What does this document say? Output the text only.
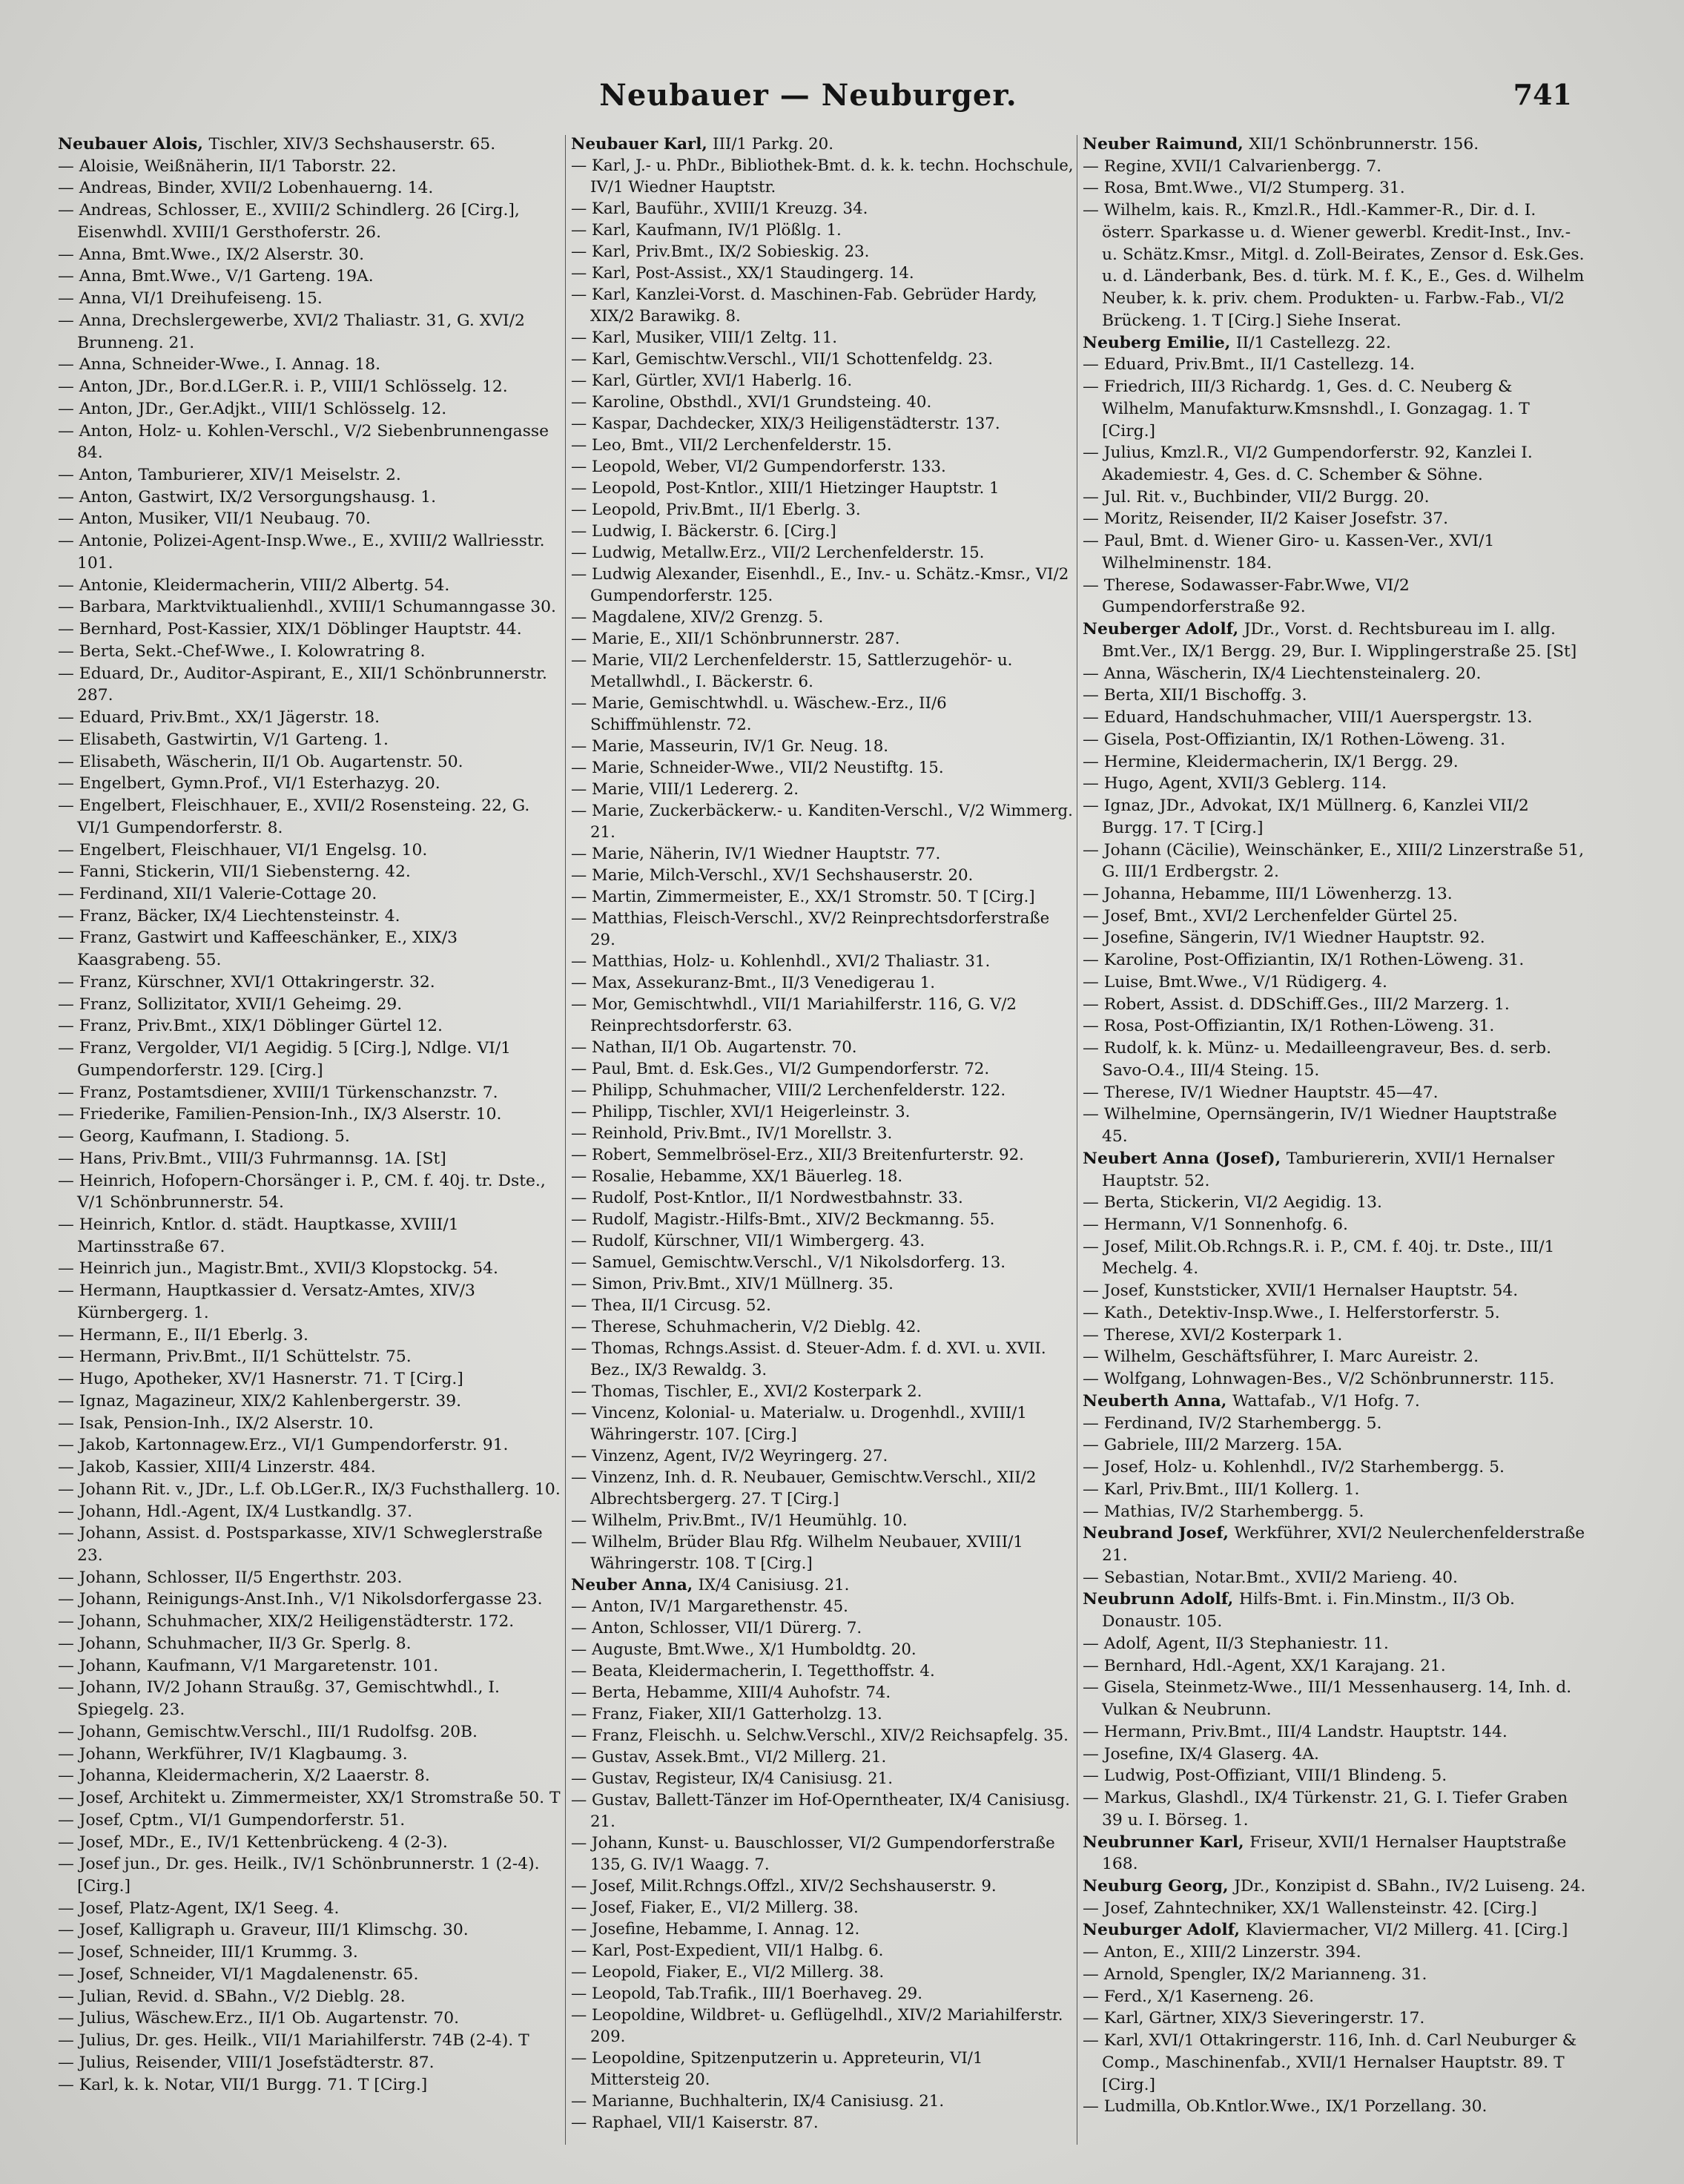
Neubauer — Neuburger.	741

Neubauer Alois, Tischler, XIV/3 Sechshauserstr. 65.

— Aloisie, Weißnäherin, II/1 Taborstr. 22.

— Andreas, Binder, XVII/2 Lobenhauerng. 14.

— Andreas, Schlosser, E., XVIII/2 Schindlerg. 26 [Cirg.], Eisenwhdl. XVIII/1 Gersthoferstr. 26.

— Anna, Bmt.Wwe., IX/2 Alserstr. 30.

— Anna, Bmt.Wwe., V/1 Garteng. 19A.

— Anna, VI/1 Dreihufeiseng. 15.

— Anna, Drechslergewerbe, XVI/2 Thaliastr. 31, G. XVI/2 Brunneng. 21.

— Anna, Schneider-Wwe., I. Annag. 18.

— Anton, JDr., Bor.d.LGer.R. i. P., VIII/1 Schlösselg. 12.

— Anton, JDr., Ger.Adjkt., VIII/1 Schlösselg. 12.

— Anton, Holz- u. Kohlen-Verschl., V/2 Siebenbrunnengasse 84.

— Anton, Tamburierer, XIV/1 Meiselstr. 2.

— Anton, Gastwirt, IX/2 Versorgungshausg. 1.

— Anton, Musiker, VII/1 Neubaug. 70.

— Antonie, Polizei-Agent-Insp.Wwe., E., XVIII/2 Wallriesstr. 101.

— Antonie, Kleidermacherin, VIII/2 Albertg. 54.

— Barbara, Marktviktualienhdl., XVIII/1 Schumanngasse 30.

— Bernhard, Post-Kassier, XIX/1 Döblinger Hauptstr. 44.

— Berta, Sekt.-Chef-Wwe., I. Kolowratring 8.

— Eduard, Dr., Auditor-Aspirant, E., XII/1 Schönbrunnerstr. 287.

— Eduard, Priv.Bmt., XX/1 Jägerstr. 18.

— Elisabeth, Gastwirtin, V/1 Garteng. 1.

— Elisabeth, Wäscherin, II/1 Ob. Augartenstr. 50.

— Engelbert, Gymn.Prof., VI/1 Esterhazyg. 20.

— Engelbert, Fleischhauer, E., XVII/2 Rosensteing. 22, G. VI/1 Gumpendorferstr. 8.

— Engelbert, Fleischhauer, VI/1 Engelsg. 10.

— Fanni, Stickerin, VII/1 Siebensterng. 42.

— Ferdinand, XII/1 Valerie-Cottage 20.

— Franz, Bäcker, IX/4 Liechtensteinstr. 4.

— Franz, Gastwirt und Kaffeeschänker, E., XIX/3 Kaasgrabeng. 55.

— Franz, Kürschner, XVI/1 Ottakringerstr. 32.

— Franz, Sollizitator, XVII/1 Geheimg. 29.

— Franz, Priv.Bmt., XIX/1 Döblinger Gürtel 12.

— Franz, Vergolder, VI/1 Aegidig. 5 [Cirg.], Ndlge. VI/1 Gumpendorferstr. 129. [Cirg.]

— Franz, Postamtsdiener, XVIII/1 Türkenschanzstr. 7.

— Friederike, Familien-Pension-Inh., IX/3 Alserstr. 10.

— Georg, Kaufmann, I. Stadiong. 5.

— Hans, Priv.Bmt., VIII/3 Fuhrmannsg. 1A. [St]

— Heinrich, Hofopern-Chorsänger i. P., CM. f. 40j. tr. Dste., V/1 Schönbrunnerstr. 54.

— Heinrich, Kntlor. d. städt. Hauptkasse, XVIII/1 Martinsstraße 67.

— Heinrich jun., Magistr.Bmt., XVII/3 Klopstockg. 54.

— Hermann, Hauptkassier d. Versatz-Amtes, XIV/3 Kürnbergerg. 1.

— Hermann, E., II/1 Eberlg. 3.

— Hermann, Priv.Bmt., II/1 Schüttelstr. 75.

— Hugo, Apotheker, XV/1 Hasnerstr. 71. T [Cirg.]

— Ignaz, Magazineur, XIX/2 Kahlenbergerstr. 39.

— Isak, Pension-Inh., IX/2 Alserstr. 10.

— Jakob, Kartonnagew.Erz., VI/1 Gumpendorferstr. 91.

— Jakob, Kassier, XIII/4 Linzerstr. 484.

— Johann Rit. v., JDr., L.f. Ob.LGer.R., IX/3 Fuchsthallerg. 10.

— Johann, Hdl.-Agent, IX/4 Lustkandlg. 37.

— Johann, Assist. d. Postsparkasse, XIV/1 Schweglerstraße 23.

— Johann, Schlosser, II/5 Engerthstr. 203.

— Johann, Reinigungs-Anst.Inh., V/1 Nikolsdorfergasse 23.

— Johann, Schuhmacher, XIX/2 Heiligenstädterstr. 172.

— Johann, Schuhmacher, II/3 Gr. Sperlg. 8.

— Johann, Kaufmann, V/1 Margaretenstr. 101.

— Johann, IV/2 Johann Straußg. 37, Gemischtwhdl., I. Spiegelg. 23.

— Johann, Gemischtw.Verschl., III/1 Rudolfsg. 20B.

— Johann, Werkführer, IV/1 Klagbaumg. 3.

— Johanna, Kleidermacherin, X/2 Laaerstr. 8.

— Josef, Architekt u. Zimmermeister, XX/1 Stromstraße 50. T

— Josef, Cptm., VI/1 Gumpendorferstr. 51.

— Josef, MDr., E., IV/1 Kettenbrückeng. 4 (2-3).

— Josef jun., Dr. ges. Heilk., IV/1 Schönbrunnerstr. 1 (2-4). [Cirg.]

— Josef, Platz-Agent, IX/1 Seeg. 4.

— Josef, Kalligraph u. Graveur, III/1 Klimschg. 30.

— Josef, Schneider, III/1 Krummg. 3.

— Josef, Schneider, VI/1 Magdalenenstr. 65.

— Julian, Revid. d. SBahn., V/2 Dieblg. 28.

— Julius, Wäschew.Erz., II/1 Ob. Augartenstr. 70.

— Julius, Dr. ges. Heilk., VII/1 Mariahilferstr. 74B (2-4). T

— Julius, Reisender, VIII/1 Josefstädterstr. 87.

— Karl, k. k. Notar, VII/1 Burgg. 71. T [Cirg.]

Neubauer Karl, III/1 Parkg. 20.

— Karl, J.- u. PhDr., Bibliothek-Bmt. d. k. k. techn. Hochschule, IV/1 Wiedner Hauptstr.

— Karl, Bauführ., XVIII/1 Kreuzg. 34.

— Karl, Kaufmann, IV/1 Plößlg. 1.

— Karl, Priv.Bmt., IX/2 Sobieskig. 23.

— Karl, Post-Assist., XX/1 Staudingerg. 14.

— Karl, Kanzlei-Vorst. d. Maschinen-Fab. Gebrüder Hardy, XIX/2 Barawikg. 8.

— Karl, Musiker, VIII/1 Zeltg. 11.

— Karl, Gemischtw.Verschl., VII/1 Schottenfeldg. 23.

— Karl, Gürtler, XVI/1 Haberlg. 16.

— Karoline, Obsthdl., XVI/1 Grundsteing. 40.

— Kaspar, Dachdecker, XIX/3 Heiligenstädterstr. 137.

— Leo, Bmt., VII/2 Lerchenfelderstr. 15.

— Leopold, Weber, VI/2 Gumpendorferstr. 133.

— Leopold, Post-Kntlor., XIII/1 Hietzinger Hauptstr. 1

— Leopold, Priv.Bmt., II/1 Eberlg. 3.

— Ludwig, I. Bäckerstr. 6. [Cirg.]

— Ludwig, Metallw.Erz., VII/2 Lerchenfelderstr. 15.

— Ludwig Alexander, Eisenhdl., E., Inv.- u. Schätz.-Kmsr., VI/2 Gumpendorferstr. 125.

— Magdalene, XIV/2 Grenzg. 5.

— Marie, E., XII/1 Schönbrunnerstr. 287.

— Marie, VII/2 Lerchenfelderstr. 15, Sattlerzugehör- u. Metallwhdl., I. Bäckerstr. 6.

— Marie, Gemischtwhdl. u. Wäschew.-Erz., II/6 Schiffmühlenstr. 72.

— Marie, Masseurin, IV/1 Gr. Neug. 18.

— Marie, Schneider-Wwe., VII/2 Neustiftg. 15.

— Marie, VIII/1 Ledererg. 2.

— Marie, Zuckerbäckerw.- u. Kanditen-Verschl., V/2 Wimmerg. 21.

— Marie, Näherin, IV/1 Wiedner Hauptstr. 77.

— Marie, Milch-Verschl., XV/1 Sechshauserstr. 20.

— Martin, Zimmermeister, E., XX/1 Stromstr. 50. T [Cirg.]

— Matthias, Fleisch-Verschl., XV/2 Reinprechtsdorferstraße 29.

— Matthias, Holz- u. Kohlenhdl., XVI/2 Thaliastr. 31.

— Max, Assekuranz-Bmt., II/3 Venedigerau 1.

— Mor, Gemischtwhdl., VII/1 Mariahilferstr. 116, G. V/2 Reinprechtsdorferstr. 63.

— Nathan, II/1 Ob. Augartenstr. 70.

— Paul, Bmt. d. Esk.Ges., VI/2 Gumpendorferstr. 72.

— Philipp, Schuhmacher, VIII/2 Lerchenfelderstr. 122.

— Philipp, Tischler, XVI/1 Heigerleinstr. 3.

— Reinhold, Priv.Bmt., IV/1 Morellstr. 3.

— Robert, Semmelbrösel-Erz., XII/3 Breitenfurterstr. 92.

— Rosalie, Hebamme, XX/1 Bäuerleg. 18.

— Rudolf, Post-Kntlor., II/1 Nordwestbahnstr. 33.

— Rudolf, Magistr.-Hilfs-Bmt., XIV/2 Beckmanng. 55.

— Rudolf, Kürschner, VII/1 Wimbergerg. 43.

— Samuel, Gemischtw.Verschl., V/1 Nikolsdorferg. 13.

— Simon, Priv.Bmt., XIV/1 Müllnerg. 35.

— Thea, II/1 Circusg. 52.

— Therese, Schuhmacherin, V/2 Dieblg. 42.

— Thomas, Rchngs.Assist. d. Steuer-Adm. f. d. XVI. u. XVII. Bez., IX/3 Rewaldg. 3.

— Thomas, Tischler, E., XVI/2 Kosterpark 2.

— Vincenz, Kolonial- u. Materialw. u. Drogenhdl., XVIII/1 Währingerstr. 107. [Cirg.]

— Vinzenz, Agent, IV/2 Weyringerg. 27.

— Vinzenz, Inh. d. R. Neubauer, Gemischtw.Verschl., XII/2 Albrechtsbergerg. 27. T [Cirg.]

— Wilhelm, Priv.Bmt., IV/1 Heumühlg. 10.

— Wilhelm, Brüder Blau Rfg. Wilhelm Neubauer, XVIII/1 Währingerstr. 108. T [Cirg.]

Neuber Anna, IX/4 Canisiusg. 21.

— Anton, IV/1 Margarethenstr. 45.

— Anton, Schlosser, VII/1 Dürerg. 7.

— Auguste, Bmt.Wwe., X/1 Humboldtg. 20.

— Beata, Kleidermacherin, I. Tegetthoffstr. 4.

— Berta, Hebamme, XIII/4 Auhofstr. 74.

— Franz, Fiaker, XII/1 Gatterholzg. 13.

— Franz, Fleischh. u. Selchw.Verschl., XIV/2 Reichsapfelg. 35.

— Gustav, Assek.Bmt., VI/2 Millerg. 21.

— Gustav, Registeur, IX/4 Canisiusg. 21.

— Gustav, Ballett-Tänzer im Hof-Operntheater, IX/4 Canisiusg. 21.

— Johann, Kunst- u. Bauschlosser, VI/2 Gumpendorferstraße 135, G. IV/1 Waagg. 7.

— Josef, Milit.Rchngs.Offzl., XIV/2 Sechshauserstr. 9.

— Josef, Fiaker, E., VI/2 Millerg. 38.

— Josefine, Hebamme, I. Annag. 12.

— Karl, Post-Expedient, VII/1 Halbg. 6.

— Leopold, Fiaker, E., VI/2 Millerg. 38.

— Leopold, Tab.Trafik., III/1 Boerhaveg. 29.

— Leopoldine, Wildbret- u. Geflügelhdl., XIV/2 Mariahilferstr. 209.

— Leopoldine, Spitzenputzerin u. Appreteurin, VI/1 Mittersteig 20.

— Marianne, Buchhalterin, IX/4 Canisiusg. 21.

— Raphael, VII/1 Kaiserstr. 87.

Neuber Raimund, XII/1 Schönbrunnerstr. 156.

— Regine, XVII/1 Calvarienbergg. 7.

— Rosa, Bmt.Wwe., VI/2 Stumperg. 31.

— Wilhelm, kais. R., Kmzl.R., Hdl.-Kammer-R., Dir. d. I. österr. Sparkasse u. d. Wiener gewerbl. Kredit-Inst., Inv.- u. Schätz.Kmsr., Mitgl. d. Zoll-Beirates, Zensor d. Esk.Ges. u. d. Länderbank, Bes. d. türk. M. f. K., E., Ges. d. Wilhelm Neuber, k. k. priv. chem. Produkten- u. Farbw.-Fab., VI/2 Brückeng. 1. T [Cirg.] Siehe Inserat.

Neuberg Emilie, II/1 Castellezg. 22.

— Eduard, Priv.Bmt., II/1 Castellezg. 14.

— Friedrich, III/3 Richardg. 1, Ges. d. C. Neuberg & Wilhelm, Manufakturw.Kmsnshdl., I. Gonzagag. 1. T [Cirg.]

— Julius, Kmzl.R., VI/2 Gumpendorferstr. 92, Kanzlei I. Akademiestr. 4, Ges. d. C. Schember & Söhne.

— Jul. Rit. v., Buchbinder, VII/2 Burgg. 20.

— Moritz, Reisender, II/2 Kaiser Josefstr. 37.

— Paul, Bmt. d. Wiener Giro- u. Kassen-Ver., XVI/1 Wilhelminenstr. 184.

— Therese, Sodawasser-Fabr.Wwe, VI/2 Gumpendorferstraße 92.

Neuberger Adolf, JDr., Vorst. d. Rechtsbureau im I. allg. Bmt.Ver., IX/1 Bergg. 29, Bur. I. Wipplingerstraße 25. [St]

— Anna, Wäscherin, IX/4 Liechtensteinalerg. 20.

— Berta, XII/1 Bischoffg. 3.

— Eduard, Handschuhmacher, VIII/1 Auerspergstr. 13.

— Gisela, Post-Offiziantin, IX/1 Rothen-Löweng. 31.

— Hermine, Kleidermacherin, IX/1 Bergg. 29.

— Hugo, Agent, XVII/3 Geblerg. 114.

— Ignaz, JDr., Advokat, IX/1 Müllnerg. 6, Kanzlei VII/2 Burgg. 17. T [Cirg.]

— Johann (Cäcilie), Weinschänker, E., XIII/2 Linzerstraße 51, G. III/1 Erdbergstr. 2.

— Johanna, Hebamme, III/1 Löwenherzg. 13.

— Josef, Bmt., XVI/2 Lerchenfelder Gürtel 25.

— Josefine, Sängerin, IV/1 Wiedner Hauptstr. 92.

— Karoline, Post-Offiziantin, IX/1 Rothen-Löweng. 31.

— Luise, Bmt.Wwe., V/1 Rüdigerg. 4.

— Robert, Assist. d. DDSchiff.Ges., III/2 Marzerg. 1.

— Rosa, Post-Offiziantin, IX/1 Rothen-Löweng. 31.

— Rudolf, k. k. Münz- u. Medailleengraveur, Bes. d. serb. Savo-O.4., III/4 Steing. 15.

— Therese, IV/1 Wiedner Hauptstr. 45—47.

— Wilhelmine, Opernsängerin, IV/1 Wiedner Hauptstraße 45.

Neubert Anna (Josef), Tamburiererin, XVII/1 Hernalser Hauptstr. 52.

— Berta, Stickerin, VI/2 Aegidig. 13.

— Hermann, V/1 Sonnenhofg. 6.

— Josef, Milit.Ob.Rchngs.R. i. P., CM. f. 40j. tr. Dste., III/1 Mechelg. 4.

— Josef, Kunststicker, XVII/1 Hernalser Hauptstr. 54.

— Kath., Detektiv-Insp.Wwe., I. Helferstorferstr. 5.

— Therese, XVI/2 Kosterpark 1.

— Wilhelm, Geschäftsführer, I. Marc Aureistr. 2.

— Wolfgang, Lohnwagen-Bes., V/2 Schönbrunnerstr. 115.

Neuberth Anna, Wattafab., V/1 Hofg. 7.

— Ferdinand, IV/2 Starhembergg. 5.

— Gabriele, III/2 Marzerg. 15A.

— Josef, Holz- u. Kohlenhdl., IV/2 Starhembergg. 5.

— Karl, Priv.Bmt., III/1 Kollerg. 1.

— Mathias, IV/2 Starhembergg. 5.

Neubrand Josef, Werkführer, XVI/2 Neulerchenfelderstraße 21.

— Sebastian, Notar.Bmt., XVII/2 Marieng. 40.

Neubrunn Adolf, Hilfs-Bmt. i. Fin.Minstm., II/3 Ob. Donaustr. 105.

— Adolf, Agent, II/3 Stephaniestr. 11.

— Bernhard, Hdl.-Agent, XX/1 Karajang. 21.

— Gisela, Steinmetz-Wwe., III/1 Messenhauserg. 14, Inh. d. Vulkan & Neubrunn.

— Hermann, Priv.Bmt., III/4 Landstr. Hauptstr. 144.

— Josefine, IX/4 Glaserg. 4A.

— Ludwig, Post-Offiziant, VIII/1 Blindeng. 5.

— Markus, Glashdl., IX/4 Türkenstr. 21, G. I. Tiefer Graben 39 u. I. Börseg. 1.

Neubrunner Karl, Friseur, XVII/1 Hernalser Hauptstraße 168.

Neuburg Georg, JDr., Konzipist d. SBahn., IV/2 Luiseng. 24.

— Josef, Zahntechniker, XX/1 Wallensteinstr. 42. [Cirg.]

Neuburger Adolf, Klaviermacher, VI/2 Millerg. 41. [Cirg.]

— Anton, E., XIII/2 Linzerstr. 394.

— Arnold, Spengler, IX/2 Marianneng. 31.

— Ferd., X/1 Kaserneng. 26.

— Karl, Gärtner, XIX/3 Sieveringerstr. 17.

— Karl, XVI/1 Ottakringerstr. 116, Inh. d. Carl Neuburger & Comp., Maschinenfab., XVII/1 Hernalser Hauptstr. 89. T [Cirg.]

— Ludmilla, Ob.Kntlor.Wwe., IX/1 Porzellang. 30.
